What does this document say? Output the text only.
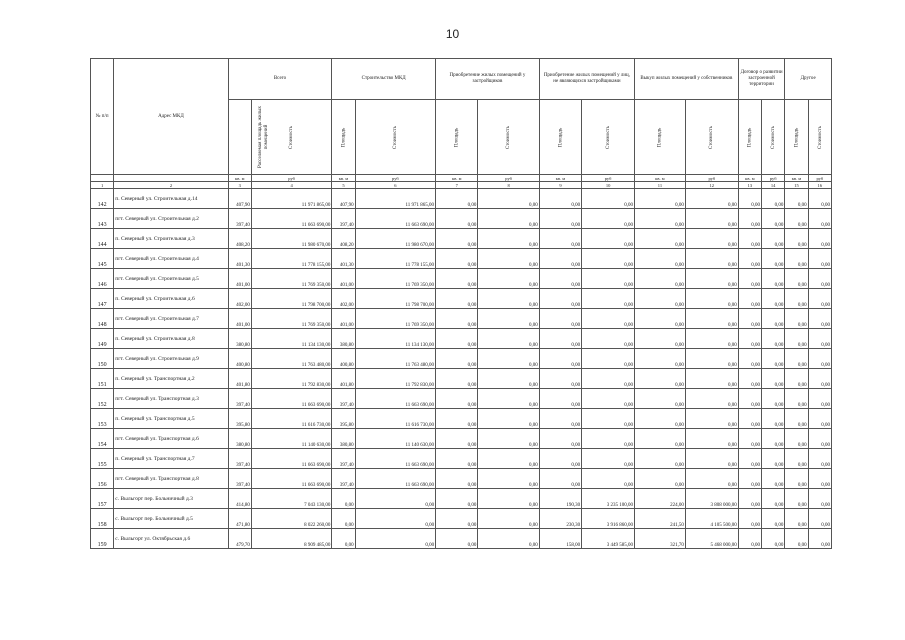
10
№ п/п	Адрес МКД	Всего		Строительство МКД		Приобретение жилых помещений у застройщиков		Приобретение жилых помещений у лиц, не являющихся застройщиками		Выкуп жилых помещений у собственников		Договор о развитии застроенной территории		Другое	
		Расселяемая площадь жилых помещений	Стоимость	Площадь	Стоимость	Площадь	Стоимость	Площадь	Стоимость	Площадь	Стоимость	Площадь	Стоимость	Площадь	Стоимость
		кв. м	руб	кв. м	руб	кв. м	руб	кв. м	руб	кв. м	руб	кв. м	руб	кв. м	руб
1	2	3	4	5	6	7	8	9	10	11	12	13	14	15	16
142	п. Северный ул. Строительная д.14	407,90	11 971 865,00	407,90	11 971 865,00	0,00	0,00	0,00	0,00	0,00	0,00	0,00	0,00	0,00	0,00
143	пгт. Северный ул. Строительная д.2	397,40	11 663 690,00	397,40	11 663 690,00	0,00	0,00	0,00	0,00	0,00	0,00	0,00	0,00	0,00	0,00
144	п. Северный ул. Строительная д.3	408,20	11 980 670,00	408,20	11 980 670,00	0,00	0,00	0,00	0,00	0,00	0,00	0,00	0,00	0,00	0,00
145	пгт. Северный ул. Строительная д.4	401,30	11 778 155,00	401,30	11 778 155,00	0,00	0,00	0,00	0,00	0,00	0,00	0,00	0,00	0,00	0,00
146	пгт. Северный ул. Строительная д.5	401,00	11 769 350,00	401,00	11 769 350,00	0,00	0,00	0,00	0,00	0,00	0,00	0,00	0,00	0,00	0,00
147	п. Северный ул. Строительная д.6	402,00	11 798 700,00	402,00	11 798 700,00	0,00	0,00	0,00	0,00	0,00	0,00	0,00	0,00	0,00	0,00
148	пгт. Северный ул. Строительная д.7	401,00	11 769 350,00	401,00	11 769 350,00	0,00	0,00	0,00	0,00	0,00	0,00	0,00	0,00	0,00	0,00
149	п. Северный ул. Строительная д.8	380,80	11 134 130,00	380,80	11 134 130,00	0,00	0,00	0,00	0,00	0,00	0,00	0,00	0,00	0,00	0,00
150	пгт. Северный ул. Строительная д.9	400,80	11 763 480,00	400,80	11 763 480,00	0,00	0,00	0,00	0,00	0,00	0,00	0,00	0,00	0,00	0,00
151	п. Северный ул. Транспортная д.2	401,80	11 792 830,00	401,80	11 792 830,00	0,00	0,00	0,00	0,00	0,00	0,00	0,00	0,00	0,00	0,00
152	пгт. Северный ул. Транспортная д.3	397,40	11 663 690,00	397,40	11 663 690,00	0,00	0,00	0,00	0,00	0,00	0,00	0,00	0,00	0,00	0,00
153	п. Северный ул. Транспортная д.5	395,80	11 616 730,00	395,80	11 616 730,00	0,00	0,00	0,00	0,00	0,00	0,00	0,00	0,00	0,00	0,00
154	пгт. Северный ул. Транспортная д.6	380,80	11 140 630,00	380,80	11 140 630,00	0,00	0,00	0,00	0,00	0,00	0,00	0,00	0,00	0,00	0,00
155	п. Северный ул. Транспортная д.7	397,40	11 663 690,00	397,40	11 663 690,00	0,00	0,00	0,00	0,00	0,00	0,00	0,00	0,00	0,00	0,00
156	пгт. Северный ул. Транспортная д.8	397,40	11 663 690,00	397,40	11 663 690,00	0,00	0,00	0,00	0,00	0,00	0,00	0,00	0,00	0,00	0,00
157	с. Выльгорт пер. Больничный д.3	414,80	7 043 130,00	0,00	0,00	0,00	0,00	190,30	3 235 100,00	224,00	3 808 000,00	0,00	0,00	0,00	0,00
158	с. Выльгорт пер. Больничный д.5	471,80	8 022 260,00	0,00	0,00	0,00	0,00	230,30	3 916 860,00	241,50	4 105 500,00	0,00	0,00	0,00	0,00
159	с. Выльгорт ул. Октябрьская д.6	479,70	8 909 485,00	0,00	0,00	0,00	0,00	158,00	3 449 585,00	321,70	5 468 000,00	0,00	0,00	0,00	0,00
